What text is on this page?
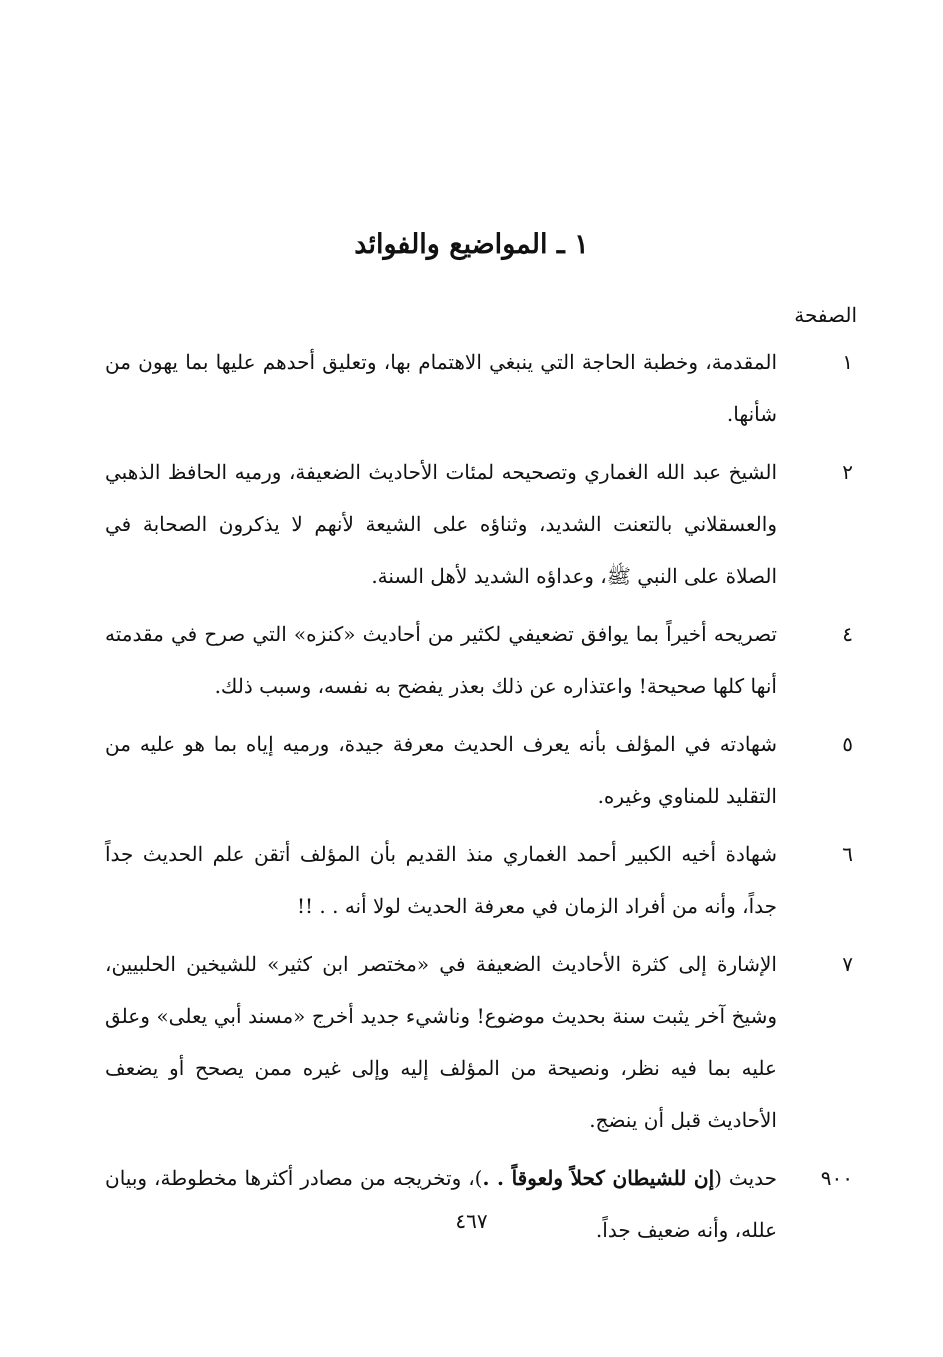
١ ـ المواضيع والفوائد
الصفحة
١
المقدمة، وخطبة الحاجة التي ينبغي الاهتمام بها، وتعليق أحدهم عليها بما يهون من شأنها.
٢
الشيخ عبد الله الغماري وتصحيحه لمئات الأحاديث الضعيفة، ورميه الحافظ الذهبي والعسقلاني بالتعنت الشديد، وثناؤه على الشيعة لأنهم لا يذكرون الصحابة في الصلاة على النبي ﷺ، وعداؤه الشديد لأهل السنة.
٤
تصريحه أخيراً بما يوافق تضعيفي لكثير من أحاديث «كنزه» التي صرح في مقدمته أنها كلها صحيحة! واعتذاره عن ذلك بعذر يفضح به نفسه، وسبب ذلك.
٥
شهادته في المؤلف بأنه يعرف الحديث معرفة جيدة، ورميه إياه بما هو عليه من التقليد للمناوي وغيره.
٦
شهادة أخيه الكبير أحمد الغماري منذ القديم بأن المؤلف أتقن علم الحديث جداً جداً، وأنه من أفراد الزمان في معرفة الحديث لولا أنه . . !!
٧
الإشارة إلى كثرة الأحاديث الضعيفة في «مختصر ابن كثير» للشيخين الحلبيين، وشيخ آخر يثبت سنة بحديث موضوع! وناشيء جديد أخرج «مسند أبي يعلى» وعلق عليه بما فيه نظر، ونصيحة من المؤلف إليه وإلى غيره ممن يصحح أو يضعف الأحاديث قبل أن ينضج.
٩٠٠
حديث (إن للشيطان كحلاً ولعوقاً . .)، وتخريجه من مصادر أكثرها مخطوطة، وبيان علله، وأنه ضعيف جداً.
٤٦٧
